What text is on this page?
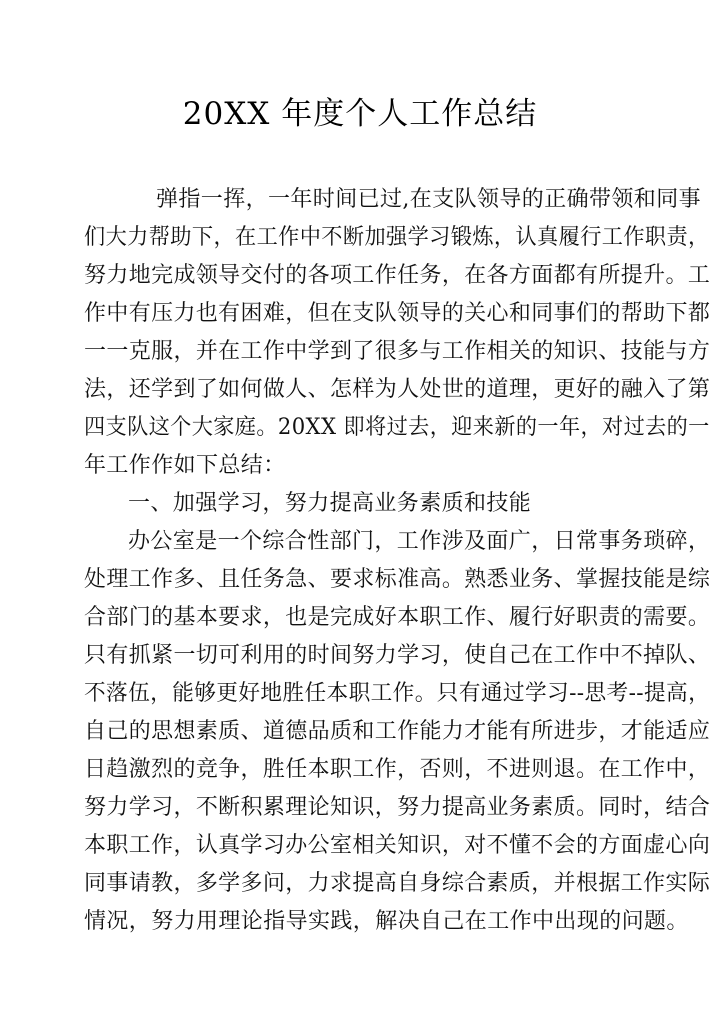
20XX 年度个人工作总结
弹指一挥，一年时间已过,在支队领导的正确带领和同事
们大力帮助下，在工作中不断加强学习锻炼，认真履行工作职责，
努力地完成领导交付的各项工作任务，在各方面都有所提升。工
作中有压力也有困难，但在支队领导的关心和同事们的帮助下都
一一克服，并在工作中学到了很多与工作相关的知识、技能与方
法，还学到了如何做人、怎样为人处世的道理，更好的融入了第
四支队这个大家庭。20XX 即将过去，迎来新的一年，对过去的一
年工作作如下总结：
一、加强学习，努力提高业务素质和技能
办公室是一个综合性部门，工作涉及面广，日常事务琐碎，
处理工作多、且任务急、要求标准高。熟悉业务、掌握技能是综
合部门的基本要求，也是完成好本职工作、履行好职责的需要。
只有抓紧一切可利用的时间努力学习，使自己在工作中不掉队、
不落伍，能够更好地胜任本职工作。只有通过学习--思考--提高，
自己的思想素质、道德品质和工作能力才能有所进步，才能适应
日趋激烈的竞争，胜任本职工作，否则，不进则退。在工作中，
努力学习，不断积累理论知识，努力提高业务素质。同时，结合
本职工作，认真学习办公室相关知识，对不懂不会的方面虚心向
同事请教，多学多问，力求提高自身综合素质，并根据工作实际
情况，努力用理论指导实践，解决自己在工作中出现的问题。
